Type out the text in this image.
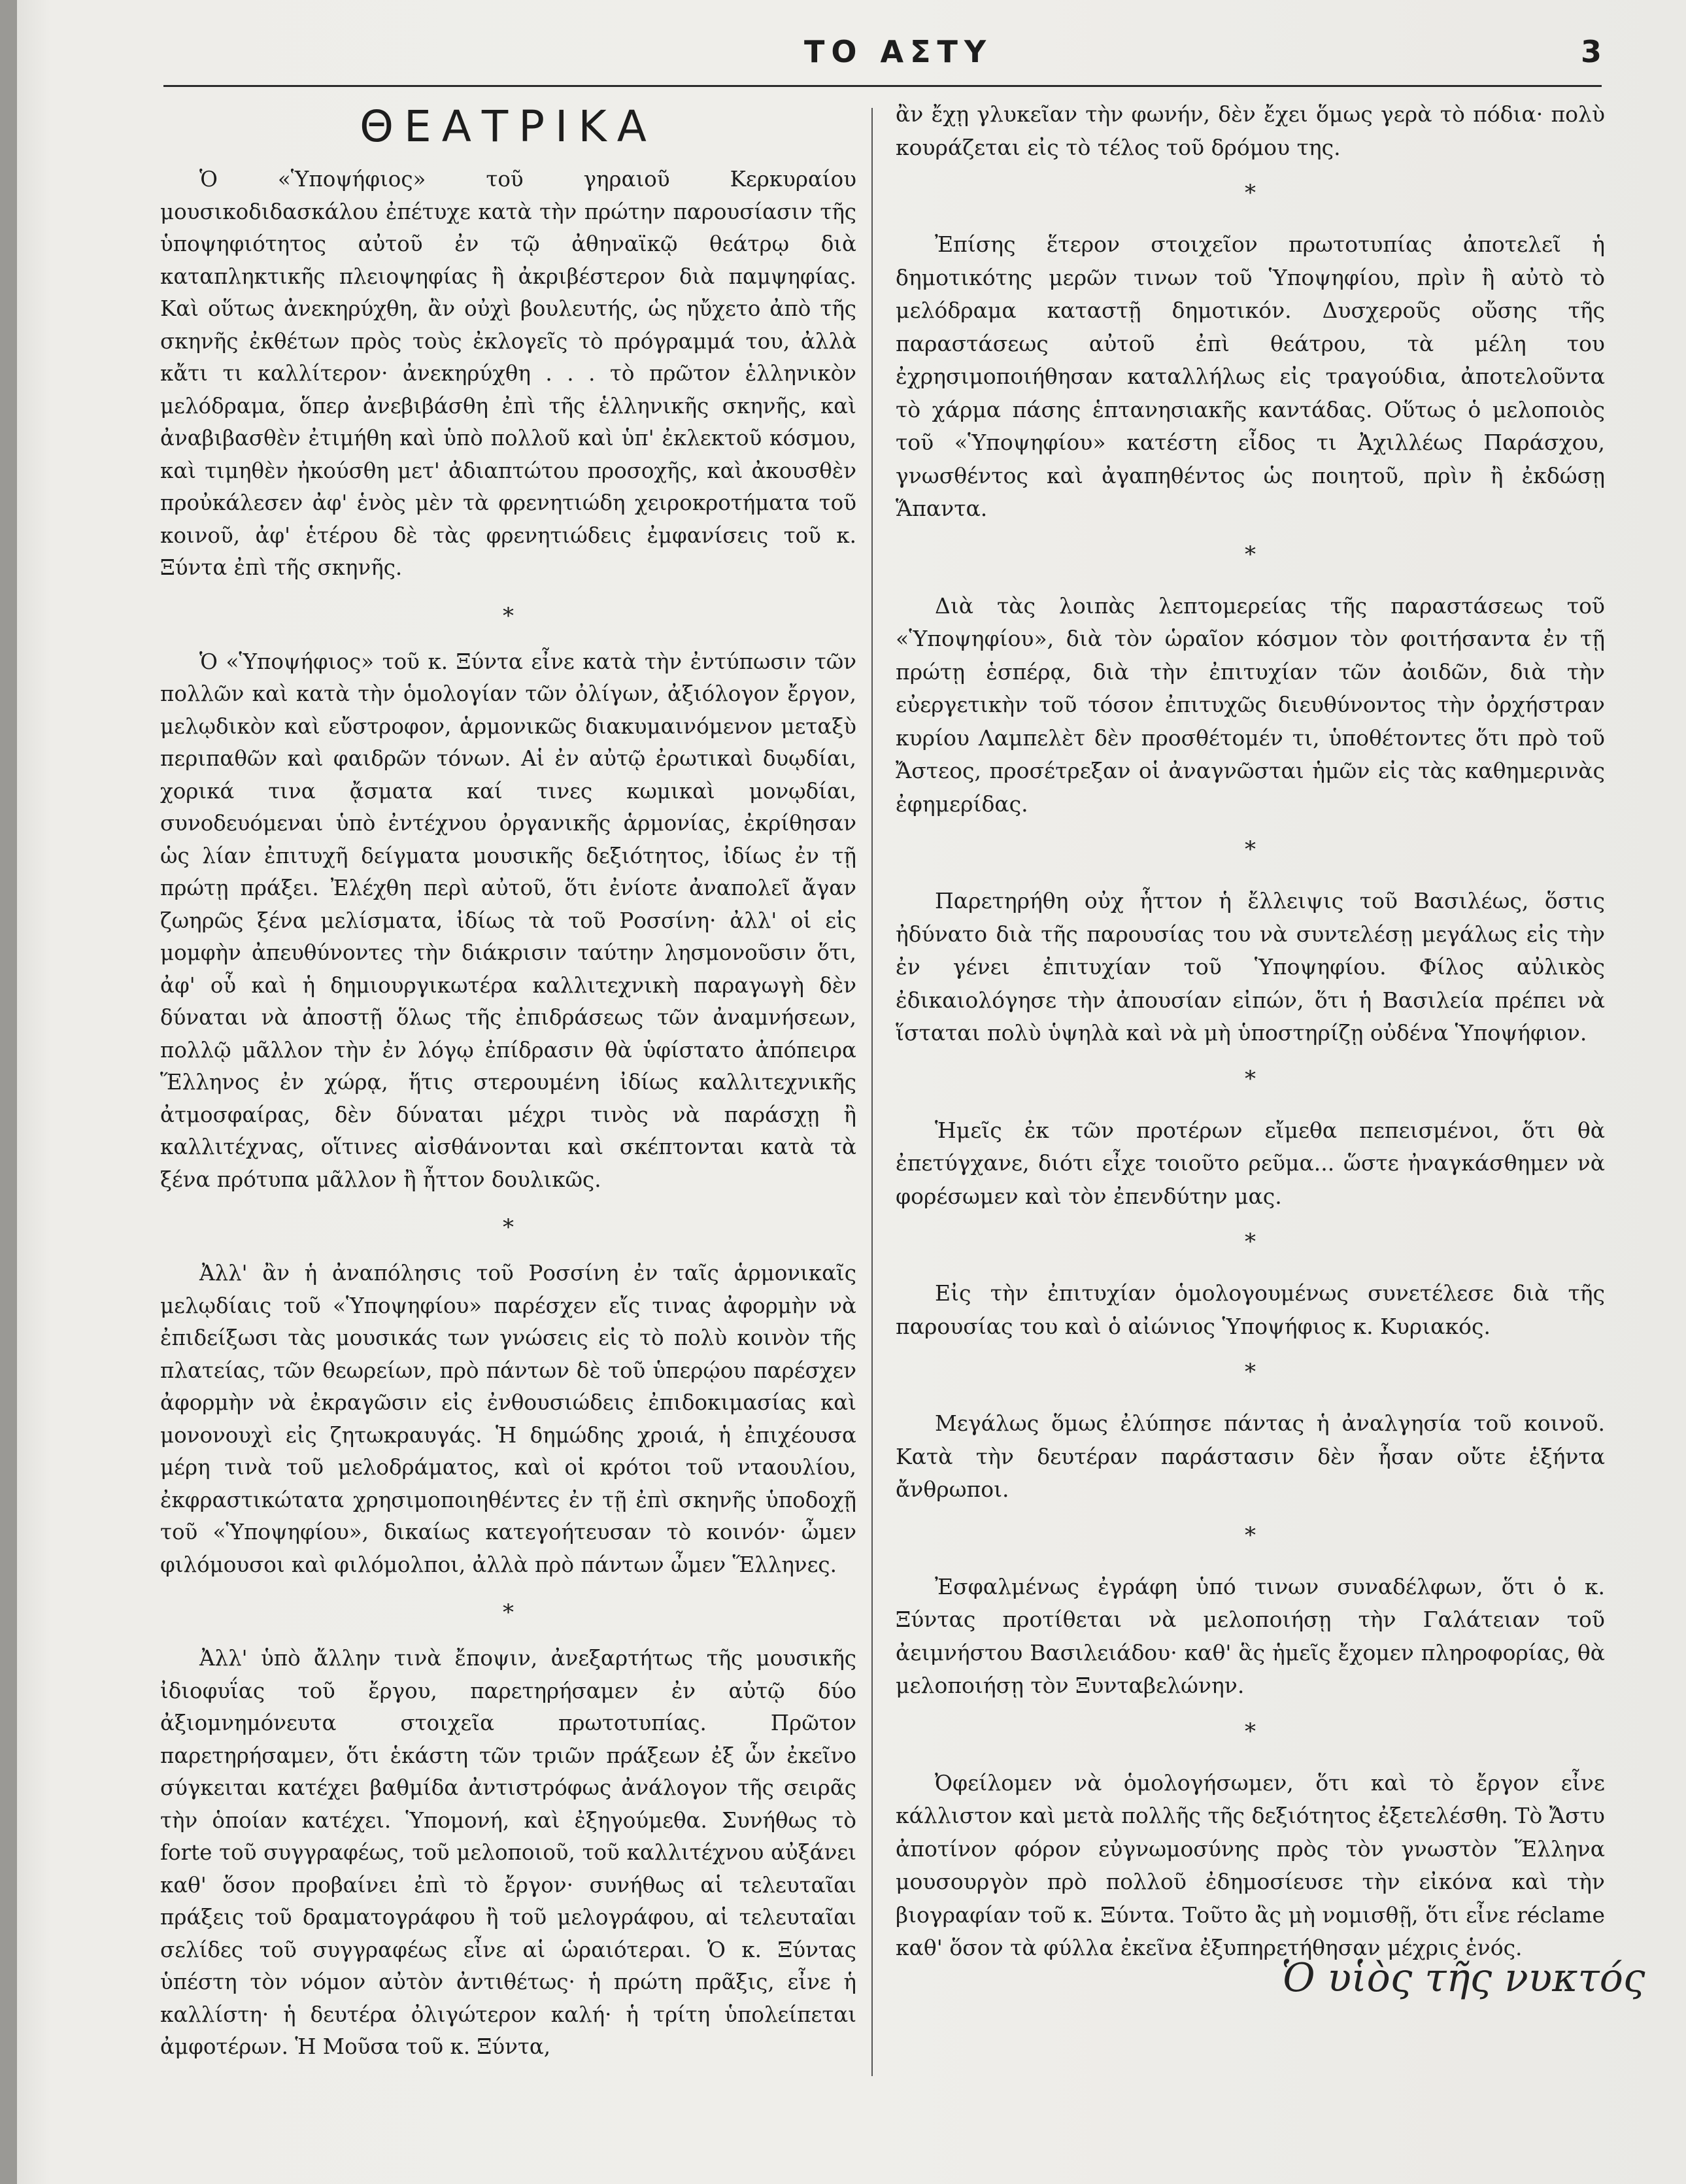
ΤΟ ΑΣΤΥ	3
ΘΕΑΤΡΙΚΑ

Ὁ «Ὑποψήφιος» τοῦ γηραιοῦ Κερκυραίου μουσικοδιδασκάλου ἐπέτυχε κατὰ τὴν πρώτην παρουσίασιν τῆς ὑποψηφιότητος αὐτοῦ ἐν τῷ ἀθηναϊκῷ θεάτρῳ διὰ καταπληκτικῆς πλειοψηφίας ἢ ἀκριβέστερον διὰ παμψηφίας. Καὶ οὕτως ἀνεκηρύχθη, ἂν οὐχὶ βουλευτής, ὡς ηὔχετο ἀπὸ τῆς σκηνῆς ἐκθέτων πρὸς τοὺς ἐκλογεῖς τὸ πρόγραμμά του, ἀλλὰ κἄτι τι καλλίτερον· ἀνεκηρύχθη . . . τὸ πρῶτον ἑλληνικὸν μελόδραμα, ὅπερ ἀνεβιβάσθη ἐπὶ τῆς ἑλληνικῆς σκηνῆς, καὶ ἀναβιβασθὲν ἐτιμήθη καὶ ὑπὸ πολλοῦ καὶ ὑπ' ἐκλεκτοῦ κόσμου, καὶ τιμηθὲν ἠκούσθη μετ' ἀδιαπτώτου προσοχῆς, καὶ ἀκουσθὲν προὐκάλεσεν ἀφ' ἑνὸς μὲν τὰ φρενητιώδη χειροκροτήματα τοῦ κοινοῦ, ἀφ' ἑτέρου δὲ τὰς φρενητιώδεις ἐμφανίσεις τοῦ κ. Ξύντα ἐπὶ τῆς σκηνῆς.

*

Ὁ «Ὑποψήφιος» τοῦ κ. Ξύντα εἶνε κατὰ τὴν ἐντύπωσιν τῶν πολλῶν καὶ κατὰ τὴν ὁμολογίαν τῶν ὀλίγων, ἀξιόλογον ἔργον, μελῳδικὸν καὶ εὔστροφον, ἁρμονικῶς διακυμαινόμενον μεταξὺ περιπαθῶν καὶ φαιδρῶν τόνων. Αἱ ἐν αὐτῷ ἐρωτικαὶ δυῳδίαι, χορικά τινα ᾄσματα καί τινες κωμικαὶ μονῳδίαι, συνοδευόμεναι ὑπὸ ἐντέχνου ὀργανικῆς ἁρμονίας, ἐκρίθησαν ὡς λίαν ἐπιτυχῆ δείγματα μουσικῆς δεξιότητος, ἰδίως ἐν τῇ πρώτῃ πράξει. Ἐλέχθη περὶ αὐτοῦ, ὅτι ἐνίοτε ἀναπολεῖ ἄγαν ζωηρῶς ξένα μελίσματα, ἰδίως τὰ τοῦ Ροσσίνη· ἀλλ' οἱ εἰς μομφὴν ἀπευθύνοντες τὴν διάκρισιν ταύτην λησμονοῦσιν ὅτι, ἀφ' οὗ καὶ ἡ δημιουργικωτέρα καλλιτεχνικὴ παραγωγὴ δὲν δύναται νὰ ἀποστῇ ὅλως τῆς ἐπιδράσεως τῶν ἀναμνήσεων, πολλῷ μᾶλλον τὴν ἐν λόγῳ ἐπίδρασιν θὰ ὑφίστατο ἀπόπειρα Ἕλληνος ἐν χώρᾳ, ἥτις στερουμένη ἰδίως καλλιτεχνικῆς ἀτμοσφαίρας, δὲν δύναται μέχρι τινὸς νὰ παράσχῃ ἢ καλλιτέχνας, οἵτινες αἰσθάνονται καὶ σκέπτονται κατὰ τὰ ξένα πρότυπα μᾶλλον ἢ ἧττον δουλικῶς.

*

Ἀλλ' ἂν ἡ ἀναπόλησις τοῦ Ροσσίνη ἐν ταῖς ἁρμονικαῖς μελῳδίαις τοῦ «Ὑποψηφίου» παρέσχεν εἴς τινας ἀφορμὴν νὰ ἐπιδείξωσι τὰς μουσικάς των γνώσεις εἰς τὸ πολὺ κοινὸν τῆς πλατείας, τῶν θεωρείων, πρὸ πάντων δὲ τοῦ ὑπερῴου παρέσχεν ἀφορμὴν νὰ ἐκραγῶσιν εἰς ἐνθουσιώδεις ἐπιδοκιμασίας καὶ μονονουχὶ εἰς ζητωκραυγάς. Ἡ δημώδης χροιά, ἡ ἐπιχέουσα μέρη τινὰ τοῦ μελοδράματος, καὶ οἱ κρότοι τοῦ νταουλίου, ἐκφραστικώτατα χρησιμοποιηθέντες ἐν τῇ ἐπὶ σκηνῆς ὑποδοχῇ τοῦ «Ὑποψηφίου», δικαίως κατεγοήτευσαν τὸ κοινόν· ὦμεν φιλόμουσοι καὶ φιλόμολποι, ἀλλὰ πρὸ πάντων ὦμεν Ἕλληνες.

*

Ἀλλ' ὑπὸ ἄλλην τινὰ ἔποψιν, ἀνεξαρτήτως τῆς μουσικῆς ἰδιοφυΐας τοῦ ἔργου, παρετηρήσαμεν ἐν αὐτῷ δύο ἀξιομνημόνευτα στοιχεῖα πρωτοτυπίας. Πρῶτον παρετηρήσαμεν, ὅτι ἑκάστη τῶν τριῶν πράξεων ἐξ ὧν ἐκεῖνο σύγκειται κατέχει βαθμίδα ἀντιστρόφως ἀνάλογον τῆς σειρᾶς τὴν ὁποίαν κατέχει. Ὑπομονή, καὶ ἐξηγούμεθα. Συνήθως τὸ forte τοῦ συγγραφέως, τοῦ μελοποιοῦ, τοῦ καλλιτέχνου αὐξάνει καθ' ὅσον προβαίνει ἐπὶ τὸ ἔργον· συνήθως αἱ τελευταῖαι πράξεις τοῦ δραματογράφου ἢ τοῦ μελογράφου, αἱ τελευταῖαι σελίδες τοῦ συγγραφέως εἶνε αἱ ὡραιότεραι. Ὁ κ. Ξύντας ὑπέστη τὸν νόμον αὐτὸν ἀντιθέτως· ἡ πρώτη πρᾶξις, εἶνε ἡ καλλίστη· ἡ δευτέρα ὀλιγώτερον καλή· ἡ τρίτη ὑπολείπεται ἀμφοτέρων. Ἡ Μοῦσα τοῦ κ. Ξύντα,

ἂν ἔχῃ γλυκεῖαν τὴν φωνήν, δὲν ἔχει ὅμως γερὰ τὸ πόδια· πολὺ κουράζεται εἰς τὸ τέλος τοῦ δρόμου της.

*

Ἐπίσης ἕτερον στοιχεῖον πρωτοτυπίας ἀποτελεῖ ἡ δημοτικότης μερῶν τινων τοῦ Ὑποψηφίου, πρὶν ἢ αὐτὸ τὸ μελόδραμα καταστῇ δημοτικόν. Δυσχεροῦς οὔσης τῆς παραστάσεως αὐτοῦ ἐπὶ θεάτρου, τὰ μέλη του ἐχρησιμοποιήθησαν καταλλήλως εἰς τραγούδια, ἀποτελοῦντα τὸ χάρμα πάσης ἑπτανησιακῆς καντάδας. Οὕτως ὁ μελοποιὸς τοῦ «Ὑποψηφίου» κατέστη εἶδος τι Ἀχιλλέως Παράσχου, γνωσθέντος καὶ ἀγαπηθέντος ὡς ποιητοῦ, πρὶν ἢ ἐκδώσῃ Ἅπαντα.

*

Διὰ τὰς λοιπὰς λεπτομερείας τῆς παραστάσεως τοῦ «Ὑποψηφίου», διὰ τὸν ὡραῖον κόσμον τὸν φοιτήσαντα ἐν τῇ πρώτῃ ἑσπέρᾳ, διὰ τὴν ἐπιτυχίαν τῶν ἀοιδῶν, διὰ τὴν εὐεργετικὴν τοῦ τόσον ἐπιτυχῶς διευθύνοντος τὴν ὀρχήστραν κυρίου Λαμπελὲτ δὲν προσθέτομέν τι, ὑποθέτοντες ὅτι πρὸ τοῦ Ἄστεος, προσέτρεξαν οἱ ἀναγνῶσται ἡμῶν εἰς τὰς καθημερινὰς ἐφημερίδας.

*

Παρετηρήθη οὐχ ἧττον ἡ ἔλλειψις τοῦ Βασιλέως, ὅστις ἠδύνατο διὰ τῆς παρουσίας του νὰ συντελέσῃ μεγάλως εἰς τὴν ἐν γένει ἐπιτυχίαν τοῦ Ὑποψηφίου. Φίλος αὐλικὸς ἐδικαιολόγησε τὴν ἀπουσίαν εἰπών, ὅτι ἡ Βασιλεία πρέπει νὰ ἵσταται πολὺ ὑψηλὰ καὶ νὰ μὴ ὑποστηρίζῃ οὐδένα Ὑποψήφιον.

*

Ἡμεῖς ἐκ τῶν προτέρων εἴμεθα πεπεισμένοι, ὅτι θὰ ἐπετύγχανε, διότι εἶχε τοιοῦτο ρεῦμα... ὥστε ἠναγκάσθημεν νὰ φορέσωμεν καὶ τὸν ἐπενδύτην μας.

*

Εἰς τὴν ἐπιτυχίαν ὁμολογουμένως συνετέλεσε διὰ τῆς παρουσίας του καὶ ὁ αἰώνιος Ὑποψήφιος κ. Κυριακός.

*

Μεγάλως ὅμως ἐλύπησε πάντας ἡ ἀναλγησία τοῦ κοινοῦ. Κατὰ τὴν δευτέραν παράστασιν δὲν ἦσαν οὔτε ἑξήντα ἄνθρωποι.

*

Ἐσφαλμένως ἐγράφη ὑπό τινων συναδέλφων, ὅτι ὁ κ. Ξύντας προτίθεται νὰ μελοποιήσῃ τὴν Γαλάτειαν τοῦ ἀειμνήστου Βασιλειάδου· καθ' ἃς ἡμεῖς ἔχομεν πληροφορίας, θὰ μελοποιήσῃ τὸν Ξυνταβελώνην.

*

Ὀφείλομεν νὰ ὁμολογήσωμεν, ὅτι καὶ τὸ ἔργον εἶνε κάλλιστον καὶ μετὰ πολλῆς τῆς δεξιότητος ἐξετελέσθη. Τὸ Ἄστυ ἀποτίνον φόρον εὐγνωμοσύνης πρὸς τὸν γνωστὸν Ἕλληνα μουσουργὸν πρὸ πολλοῦ ἐδημοσίευσε τὴν εἰκόνα καὶ τὴν βιογραφίαν τοῦ κ. Ξύντα. Τοῦτο ἂς μὴ νομισθῇ, ὅτι εἶνε réclame καθ' ὅσον τὰ φύλλα ἐκεῖνα ἐξυπηρετήθησαν μέχρις ἑνός.

Ὁ υἱὸς τῆς νυκτός
